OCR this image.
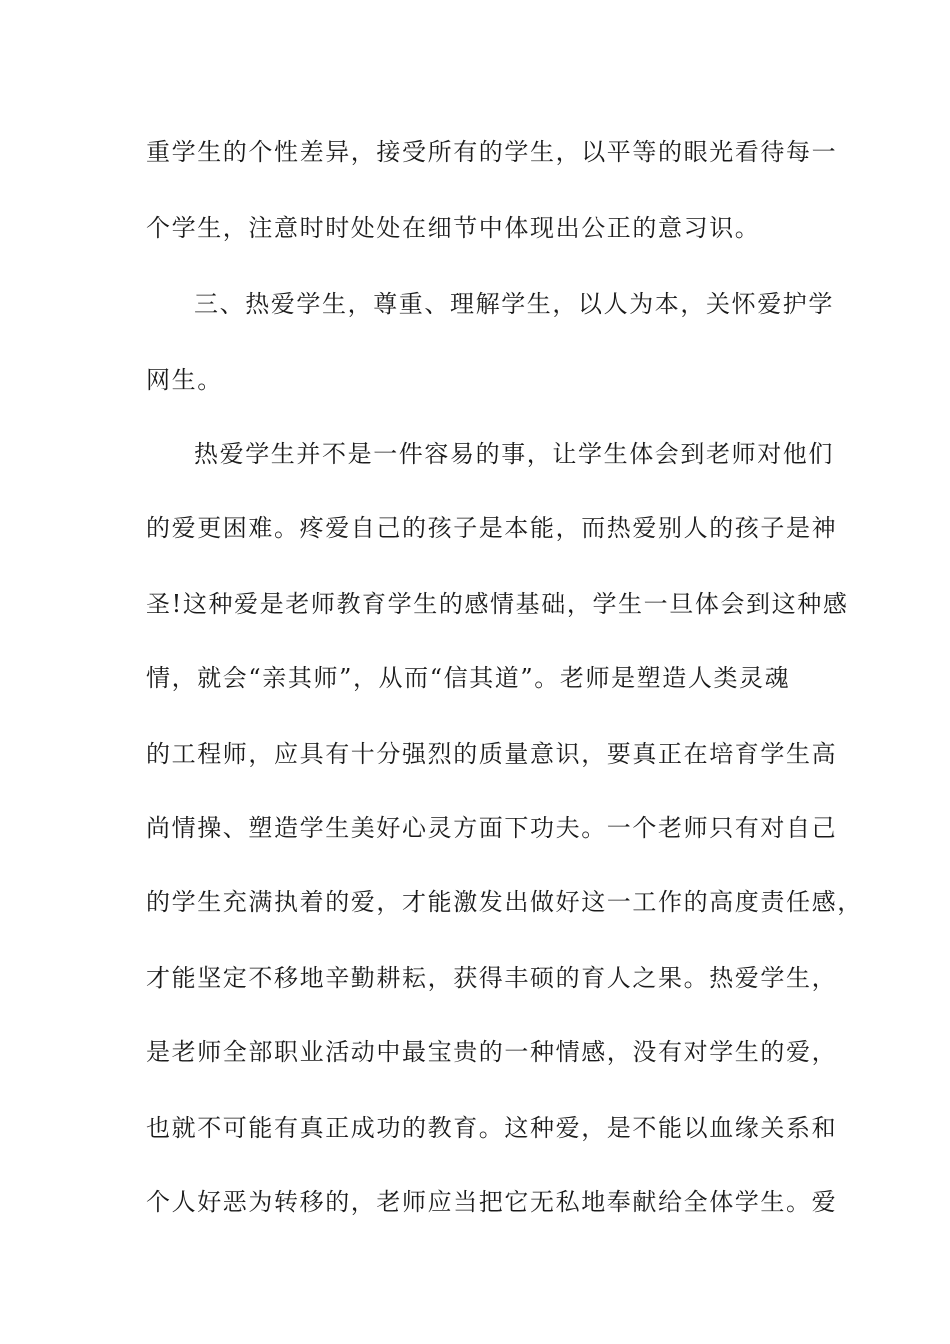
重学生的个性差异，接受所有的学生，以平等的眼光看待每一

个学生，注意时时处处在细节中体现出公正的意习识。

三、热爱学生，尊重、理解学生，以人为本，关怀爱护学

网生。

热爱学生并不是一件容易的事，让学生体会到老师对他们

的爱更困难。疼爱自己的孩子是本能，而热爱别人的孩子是神

圣!这种爱是老师教育学生的感情基础，学生一旦体会到这种感

情，就会“亲其师”，从而“信其道”。老师是塑造人类灵魂

的工程师，应具有十分强烈的质量意识，要真正在培育学生高

尚情操、塑造学生美好心灵方面下功夫。一个老师只有对自己

的学生充满执着的爱，才能激发出做好这一工作的高度责任感，

才能坚定不移地辛勤耕耘，获得丰硕的育人之果。热爱学生，

是老师全部职业活动中最宝贵的一种情感，没有对学生的爱，

也就不可能有真正成功的教育。这种爱，是不能以血缘关系和

个人好恶为转移的，老师应当把它无私地奉献给全体学生。爱
